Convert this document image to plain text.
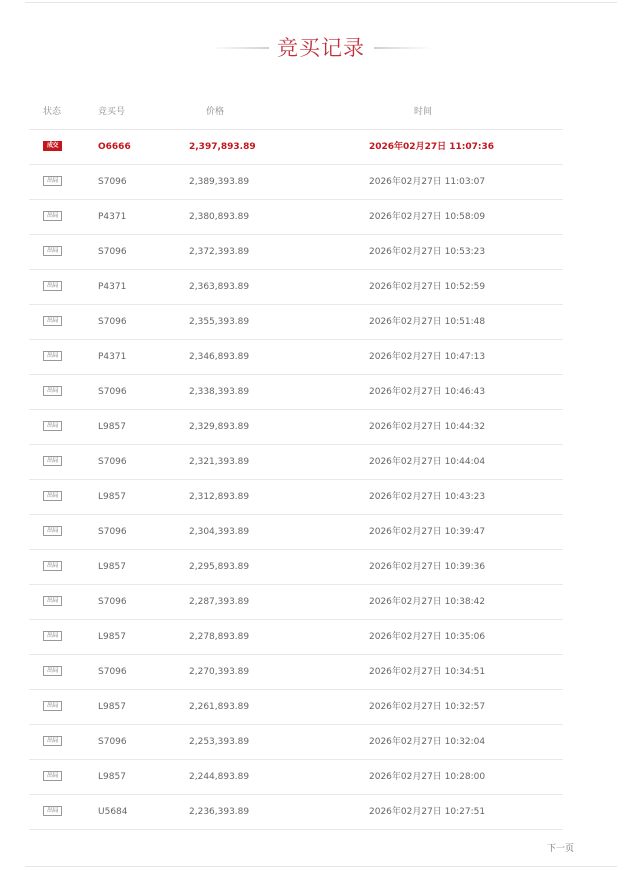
竞买记录
状态	竞买号	价格	时间
成交	O6666	2,397,893.89	2026年02月27日 11:07:36
出局	S7096	2,389,393.89	2026年02月27日 11:03:07
出局	P4371	2,380,893.89	2026年02月27日 10:58:09
出局	S7096	2,372,393.89	2026年02月27日 10:53:23
出局	P4371	2,363,893.89	2026年02月27日 10:52:59
出局	S7096	2,355,393.89	2026年02月27日 10:51:48
出局	P4371	2,346,893.89	2026年02月27日 10:47:13
出局	S7096	2,338,393.89	2026年02月27日 10:46:43
出局	L9857	2,329,893.89	2026年02月27日 10:44:32
出局	S7096	2,321,393.89	2026年02月27日 10:44:04
出局	L9857	2,312,893.89	2026年02月27日 10:43:23
出局	S7096	2,304,393.89	2026年02月27日 10:39:47
出局	L9857	2,295,893.89	2026年02月27日 10:39:36
出局	S7096	2,287,393.89	2026年02月27日 10:38:42
出局	L9857	2,278,893.89	2026年02月27日 10:35:06
出局	S7096	2,270,393.89	2026年02月27日 10:34:51
出局	L9857	2,261,893.89	2026年02月27日 10:32:57
出局	S7096	2,253,393.89	2026年02月27日 10:32:04
出局	L9857	2,244,893.89	2026年02月27日 10:28:00
出局	U5684	2,236,393.89	2026年02月27日 10:27:51
下一页
